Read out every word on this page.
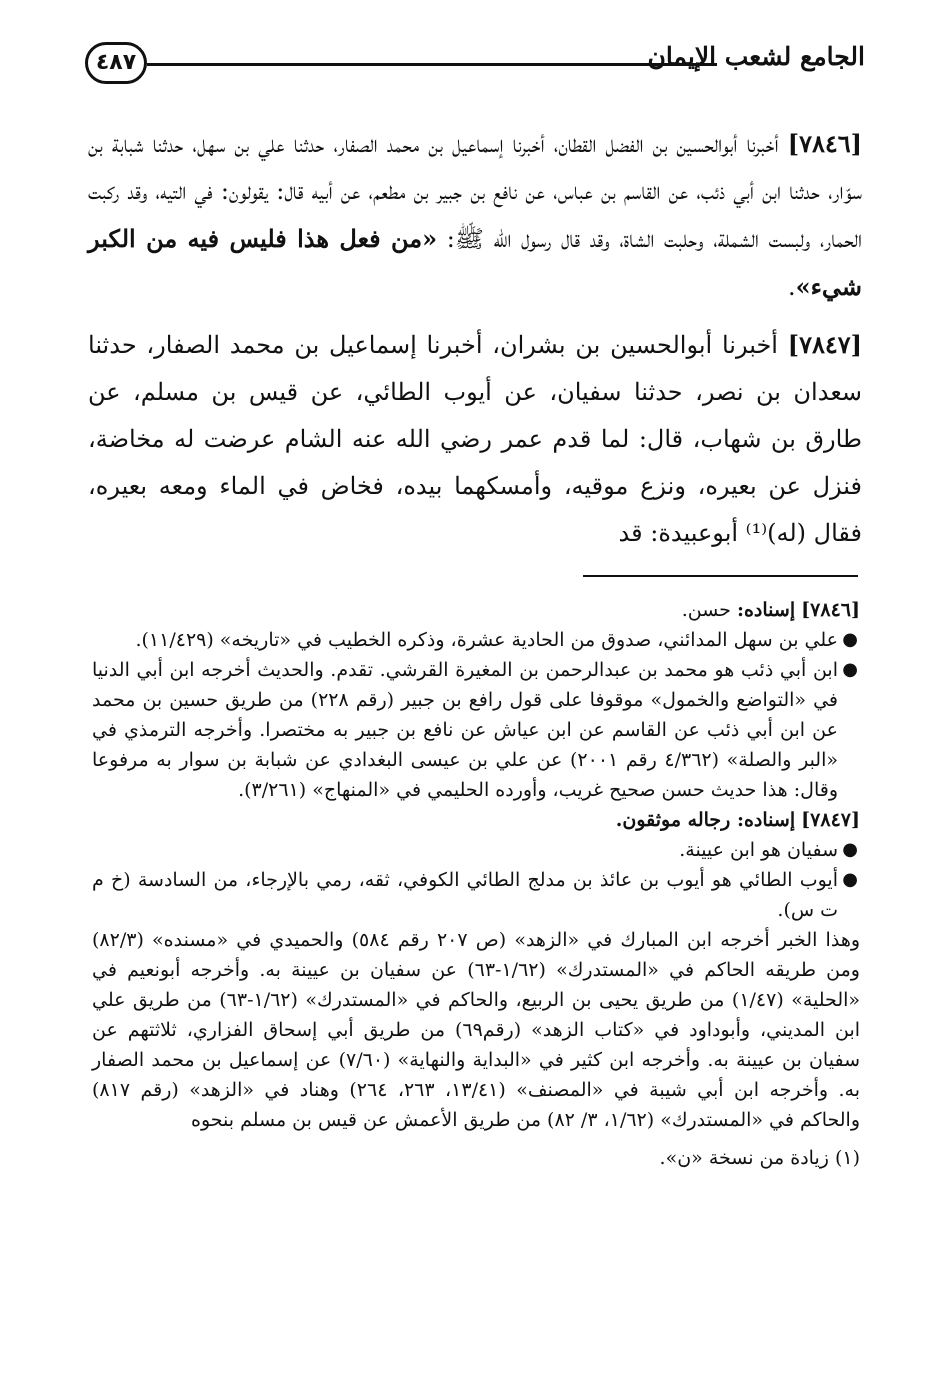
٤٨٧	الجامع لشعب الإيمان

[٧٨٤٦] أخبرنا أبوالحسين بن الفضل القطان، أخبرنا إسماعيل بن محمد الصفار، حدثنا علي بن سهل، حدثنا شبابة بن سوّار، حدثنا ابن أبي ذئب، عن القاسم بن عباس، عن نافع بن جبير بن مطعم، عن أبيه قال: يقولون: في التيه، وقد ركبت الحمار، ولبست الشملة، وحلبت الشاة، وقد قال رسول الله ﷺ: «من فعل هذا فليس فيه من الكبر شيء».

[٧٨٤٧] أخبرنا أبوالحسين بن بشران، أخبرنا إسماعيل بن محمد الصفار، حدثنا سعدان بن نصر، حدثنا سفيان، عن أيوب الطائي، عن قيس بن مسلم، عن طارق بن شهاب، قال: لما قدم عمر رضي الله عنه الشام عرضت له مخاضة، فنزل عن بعيره، ونزع موقيه، وأمسكهما بيده، فخاض في الماء ومعه بعيره، فقال (له)⁽¹⁾ أبوعبيدة: قد

[٧٨٤٦] إسناده: حسن.

●
علي بن سهل المدائني، صدوق من الحادية عشرة، وذكره الخطيب في «تاريخه» (١١/٤٢٩).

●
ابن أبي ذئب هو محمد بن عبدالرحمن بن المغيرة القرشي. تقدم. والحديث أخرجه ابن أبي الدنيا في «التواضع والخمول» موقوفا على قول رافع بن جبير (رقم ٢٢٨) من طريق حسين بن محمد عن ابن أبي ذئب عن القاسم عن ابن عياش عن نافع بن جبير به مختصرا. وأخرجه الترمذي في «البر والصلة» (٤/٣٦٢ رقم ٢٠٠١) عن علي بن عيسى البغدادي عن شبابة بن سوار به مرفوعا وقال: هذا حديث حسن صحيح غريب، وأورده الحليمي في «المنهاج» (٣/٢٦١).

[٧٨٤٧] إسناده: رجاله موثقون.

●
سفيان هو ابن عيينة.

●
أيوب الطائي هو أيوب بن عائذ بن مدلج الطائي الكوفي، ثقه، رمي بالإرجاء، من السادسة (خ م ت س).

وهذا الخبر أخرجه ابن المبارك في «الزهد» (ص ٢٠٧ رقم ٥٨٤) والحميدي في «مسنده» (٨٢/٣) ومن طريقه الحاكم في «المستدرك» (١/٦٢-٦٣) عن سفيان بن عيينة به. وأخرجه أبونعيم في «الحلية» (١/٤٧) من طريق يحيى بن الربيع، والحاكم في «المستدرك» (١/٦٢-٦٣) من طريق علي ابن المديني، وأبوداود في «كتاب الزهد» (رقم٦٩) من طريق أبي إسحاق الفزاري، ثلاثتهم عن سفيان بن عيينة به. وأخرجه ابن كثير في «البداية والنهاية» (٧/٦٠) عن إسماعيل بن محمد الصفار به. وأخرجه ابن أبي شيبة في «المصنف» (١٣/٤١، ٢٦٣، ٢٦٤) وهناد في «الزهد» (رقم ٨١٧) والحاكم في «المستدرك» (١/٦٢، ٣/ ٨٢) من طريق الأعمش عن قيس بن مسلم بنحوه

(١) زيادة من نسخة «ن».
